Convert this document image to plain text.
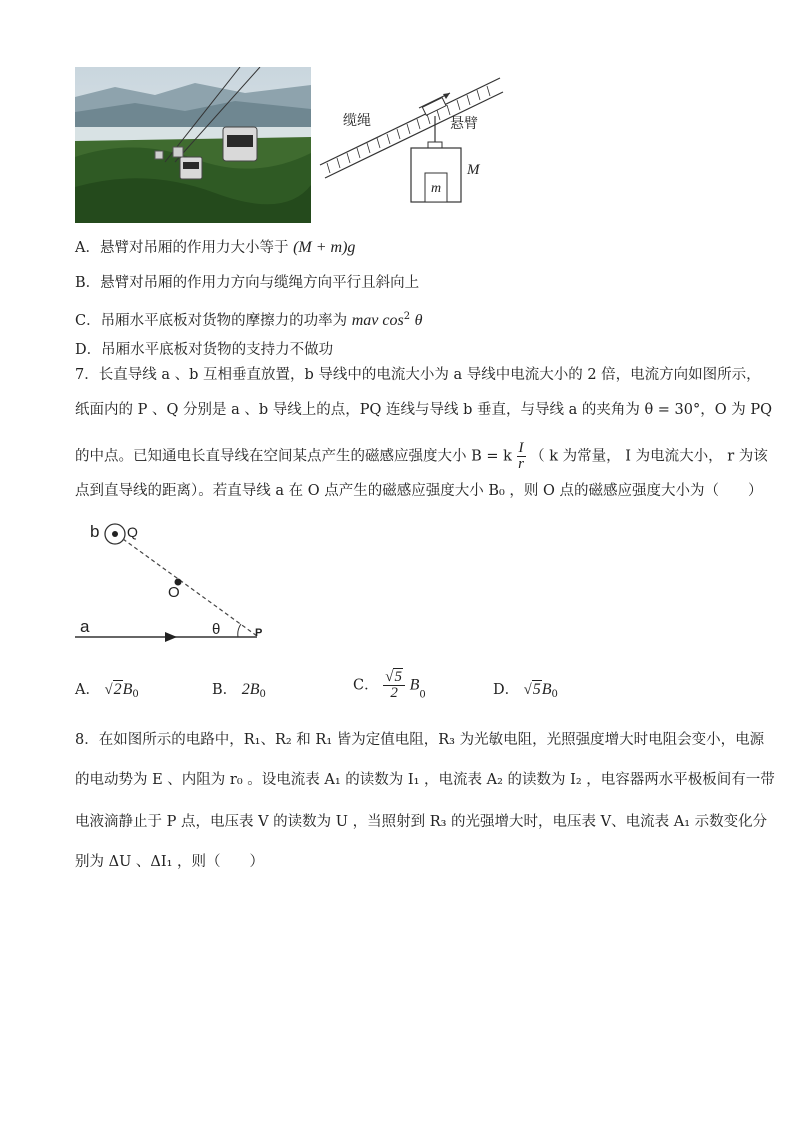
缆绳	悬臂
M
m
A．悬臂对吊厢的作用力大小等于 (M + m)g
B．悬臂对吊厢的作用力方向与缆绳方向平行且斜向上
C．吊厢水平底板对货物的摩擦力的功率为 mav $\cos^2 \theta$
D．吊厢水平底板对货物的支持力不做功
7．长直导线 a 、b 互相垂直放置，b 导线中的电流大小为 a 导线中电流大小的 2 倍，电流方向如图所示，
纸面内的 P 、Q 分别是 a 、b 导线上的点，PQ 连线与导线 b 垂直，与导线 a 的夹角为 θ = 30°，O 为 PQ
的中点。已知通电长直导线在空间某点产生的磁感应强度大小 B = k $\frac{I}{r}$ （ k 为常量， I 为电流大小， r 为该
点到直导线的距离）。若直导线 a 在 O 点产生的磁感应强度大小 B₀ ，则 O 点的磁感应强度大小为（　　）
b Q
O
a	θ	P
A． $√2B_0$	B． $2B_0$
C． $\frac{√5}{2} B_0$	D． $√5B_0$
8．在如图所示的电路中，R₁、R₂ 和 R₁ 皆为定值电阻，R₃ 为光敏电阻，光照强度增大时电阻会变小，电源
的电动势为 E 、内阻为 r₀ 。设电流表 A₁ 的读数为 I₁ ，电流表 A₂ 的读数为 I₂ ，电容器两水平极板间有一带
电液滴静止于 P 点，电压表 V 的读数为 U ，当照射到 R₃ 的光强增大时，电压表 V、电流表 A₁ 示数变化分
别为 ΔU 、ΔI₁ ，则（　　）
